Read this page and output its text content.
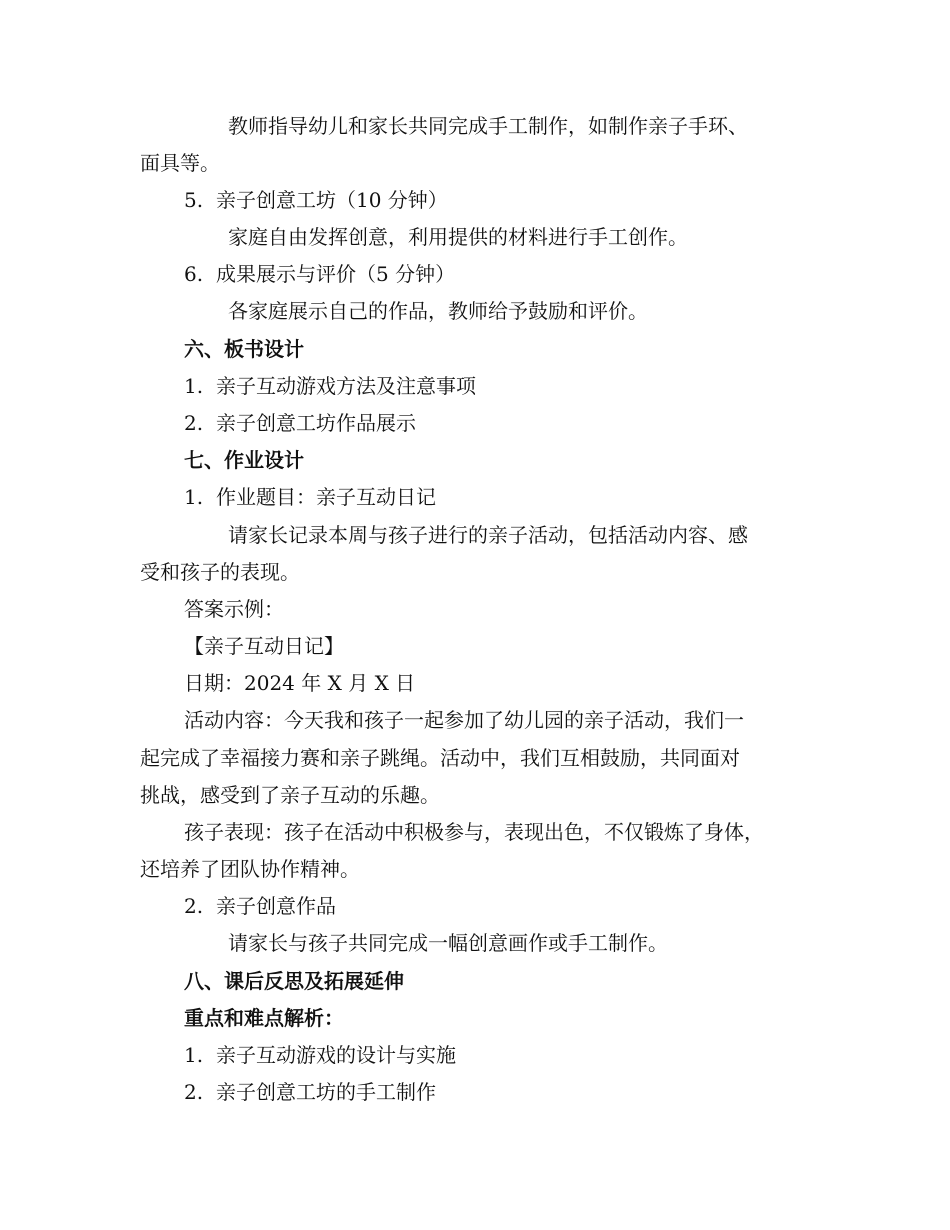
教师指导幼儿和家长共同完成手工制作，如制作亲子手环、
面具等。
5. 亲子创意工坊（10 分钟）
家庭自由发挥创意，利用提供的材料进行手工创作。
6. 成果展示与评价（5 分钟）
各家庭展示自己的作品，教师给予鼓励和评价。
六、板书设计
1. 亲子互动游戏方法及注意事项
2. 亲子创意工坊作品展示
七、作业设计
1. 作业题目：亲子互动日记
请家长记录本周与孩子进行的亲子活动，包括活动内容、感
受和孩子的表现。
答案示例：
【亲子互动日记】
日期：2024 年 X 月 X 日
活动内容：今天我和孩子一起参加了幼儿园的亲子活动，我们一
起完成了幸福接力赛和亲子跳绳。活动中，我们互相鼓励，共同面对
挑战，感受到了亲子互动的乐趣。
孩子表现：孩子在活动中积极参与，表现出色，不仅锻炼了身体，
还培养了团队协作精神。
2. 亲子创意作品
请家长与孩子共同完成一幅创意画作或手工制作。
八、课后反思及拓展延伸
重点和难点解析：
1. 亲子互动游戏的设计与实施
2. 亲子创意工坊的手工制作
